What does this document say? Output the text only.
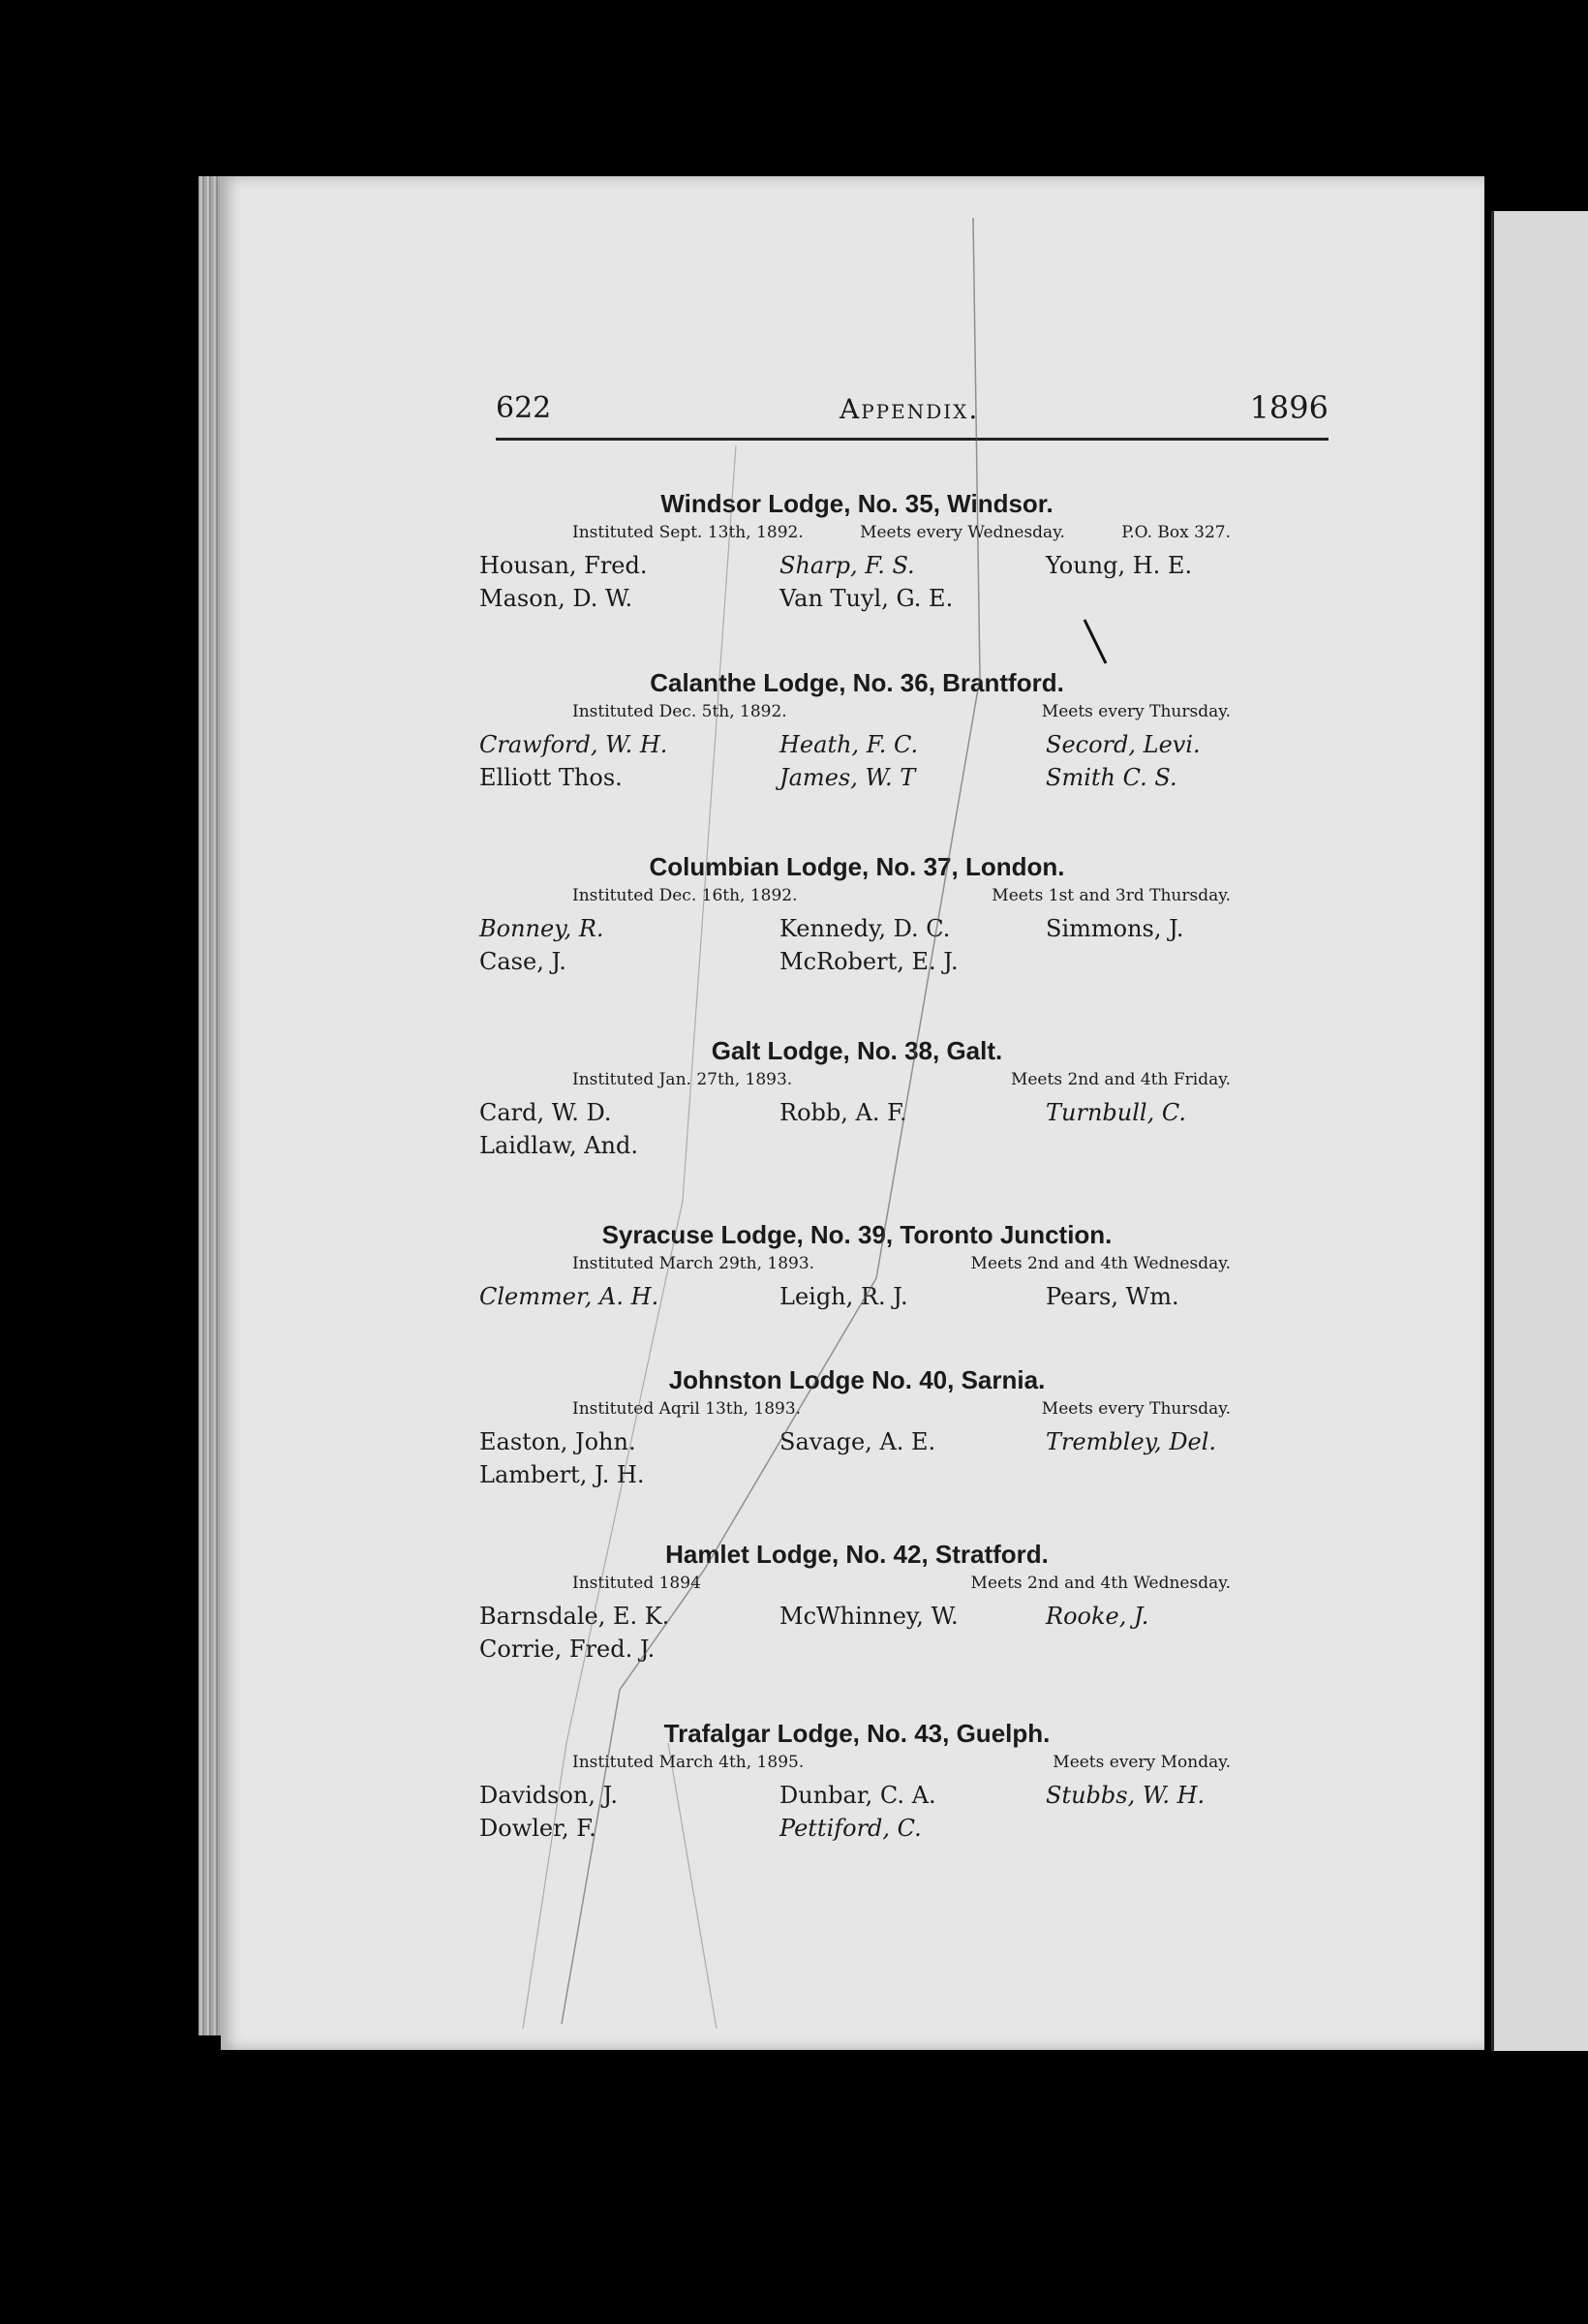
622	Appendix.	1896
Windsor Lodge, No. 35, Windsor.
Instituted Sept. 13th, 1892.	Meets every Wednesday.	P.O. Box 327.
Housan, Fred.	Sharp, F. S.	Young, H. E.
Mason, D. W.	Van Tuyl, G. E.
Calanthe Lodge, No. 36, Brantford.
Instituted Dec. 5th, 1892.	Meets every Thursday.
Crawford, W. H.	Heath, F. C.	Secord, Levi.
Elliott Thos.	James, W. T	Smith C. S.
Columbian Lodge, No. 37, London.
Instituted Dec. 16th, 1892.	Meets 1st and 3rd Thursday.
Bonney, R.	Kennedy, D. C.	Simmons, J.
Case, J.	McRobert, E. J.
Galt Lodge, No. 38, Galt.
Instituted Jan. 27th, 1893.	Meets 2nd and 4th Friday.
Card, W. D.	Robb, A. F.	Turnbull, C.
Laidlaw, And.
Syracuse Lodge, No. 39, Toronto Junction.
Instituted March 29th, 1893.	Meets 2nd and 4th Wednesday.
Clemmer, A. H.	Leigh, R. J.	Pears, Wm.
Johnston Lodge No. 40, Sarnia.
Instituted Aqril 13th, 1893.	Meets every Thursday.
Easton, John.	Savage, A. E.	Trembley, Del.
Lambert, J. H.
Hamlet Lodge, No. 42, Stratford.
Instituted 1894	Meets 2nd and 4th Wednesday.
Barnsdale, E. K.	McWhinney, W.	Rooke, J.
Corrie, Fred. J.
Trafalgar Lodge, No. 43, Guelph.
Instituted March 4th, 1895.	Meets every Monday.
Davidson, J.	Dunbar, C. A.	Stubbs, W. H.
Dowler, F.	Pettiford, C.
